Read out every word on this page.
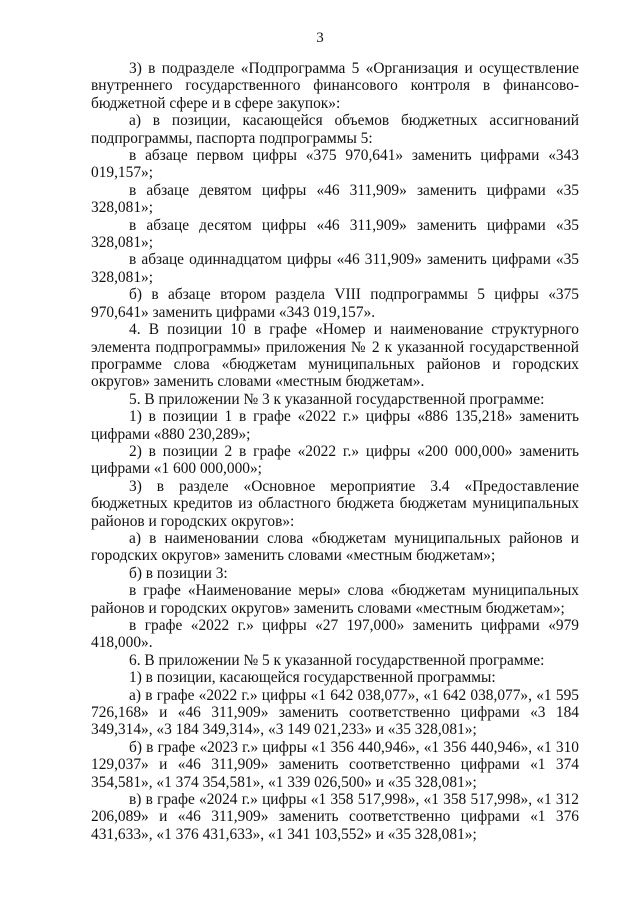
3

3) в подразделе «Подпрограмма 5 «Организация и осуществление внутреннего государственного финансового контроля в финансово-бюджетной сфере и в сфере закупок»:

а) в позиции, касающейся объемов бюджетных ассигнований подпрограммы, паспорта подпрограммы 5:

в абзаце первом цифры «375 970,641» заменить цифрами «343 019,157»;

в абзаце девятом цифры «46 311,909» заменить цифрами «35 328,081»;

в абзаце десятом цифры «46 311,909» заменить цифрами «35 328,081»;

в абзаце одиннадцатом цифры «46 311,909» заменить цифрами «35 328,081»;

б) в абзаце втором раздела VIII подпрограммы 5 цифры «375 970,641» заменить цифрами «343 019,157».

4. В позиции 10 в графе «Номер и наименование структурного элемента подпрограммы» приложения № 2 к указанной государственной программе слова «бюджетам муниципальных районов и городских округов» заменить словами «местным бюджетам».

5. В приложении № 3 к указанной государственной программе:

1) в позиции 1 в графе «2022 г.» цифры «886 135,218» заменить цифрами «880 230,289»;

2) в позиции 2 в графе «2022 г.» цифры «200 000,000» заменить цифрами «1 600 000,000»;

3) в разделе «Основное мероприятие 3.4 «Предоставление бюджетных кредитов из областного бюджета бюджетам муниципальных районов и городских округов»:

а) в наименовании слова «бюджетам муниципальных районов и городских округов» заменить словами «местным бюджетам»;

б) в позиции 3:

в графе «Наименование меры» слова «бюджетам муниципальных районов и городских округов» заменить словами «местным бюджетам»;

в графе «2022 г.» цифры «27 197,000» заменить цифрами «979 418,000».

6. В приложении № 5 к указанной государственной программе:

1) в позиции, касающейся государственной программы:

а) в графе «2022 г.» цифры «1 642 038,077», «1 642 038,077», «1 595 726,168» и «46 311,909» заменить соответственно цифрами «3 184 349,314», «3 184 349,314», «3 149 021,233» и «35 328,081»;

б) в графе «2023 г.» цифры «1 356 440,946», «1 356 440,946», «1 310 129,037» и «46 311,909» заменить соответственно цифрами «1 374 354,581», «1 374 354,581», «1 339 026,500» и «35 328,081»;

в) в графе «2024 г.» цифры «1 358 517,998», «1 358 517,998», «1 312 206,089» и «46 311,909» заменить соответственно цифрами «1 376 431,633», «1 376 431,633», «1 341 103,552» и «35 328,081»;
